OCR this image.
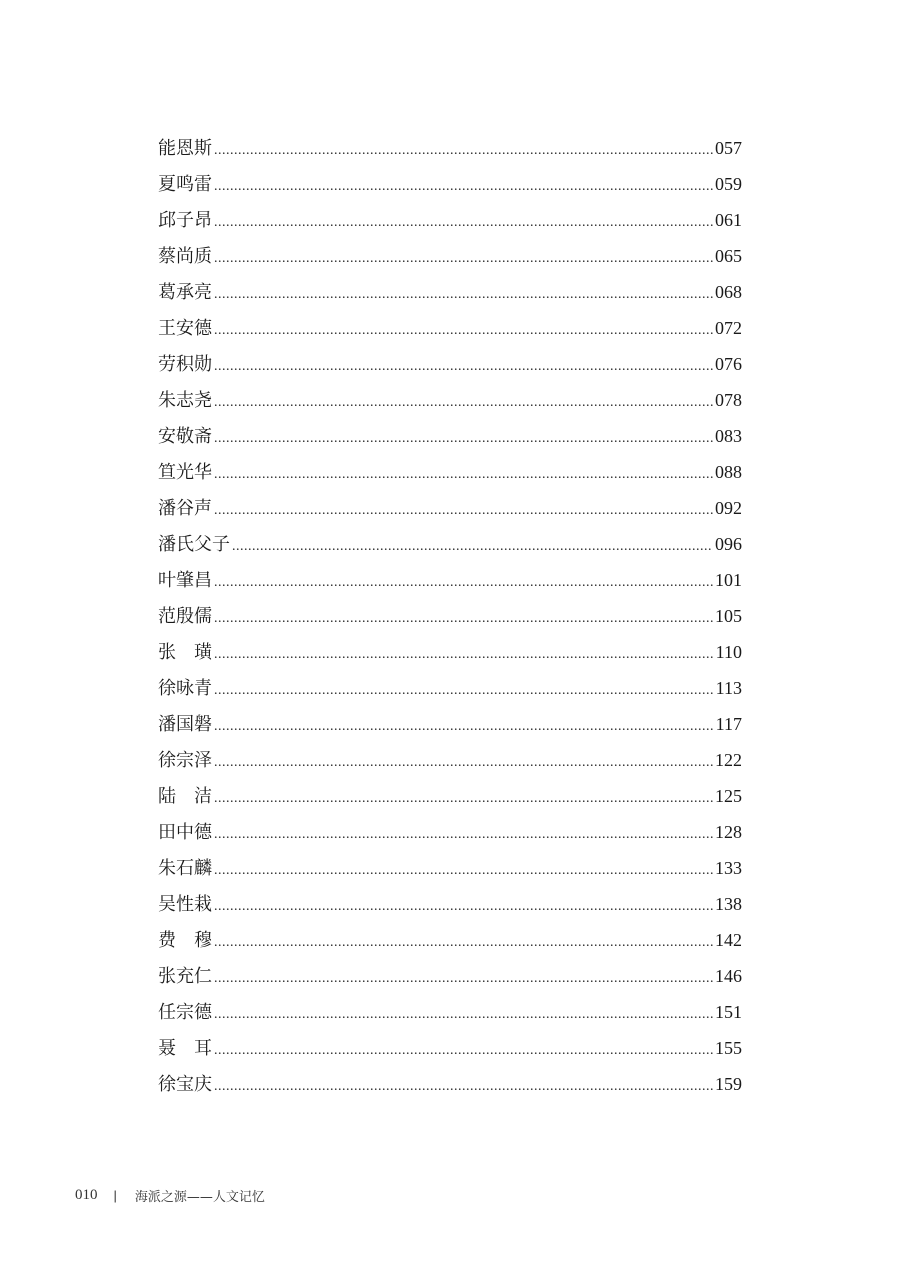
能恩斯 .....	057
夏鸣雷 .....	059
邱子昂 .....	061
蔡尚质 .....	065
葛承亮 .....	068
王安德 .....	072
劳积勋 .....	076
朱志尧 .....	078
安敬斋 .....	083
笪光华 .....	088
潘谷声 .....	092
潘氏父子 .....	096
叶肇昌 .....	101
范殷儒 .....	105
张　璜 .....	110
徐咏青 .....	113
潘国磐 .....	117
徐宗泽 .....	122
陆　洁 .....	125
田中德 .....	128
朱石麟 .....	133
吴性栽 .....	138
费　穆 .....	142
张充仁 .....	146
任宗德 .....	151
聂　耳 .....	155
徐宝庆 .....	159
010 | 海派之源——人文记忆
